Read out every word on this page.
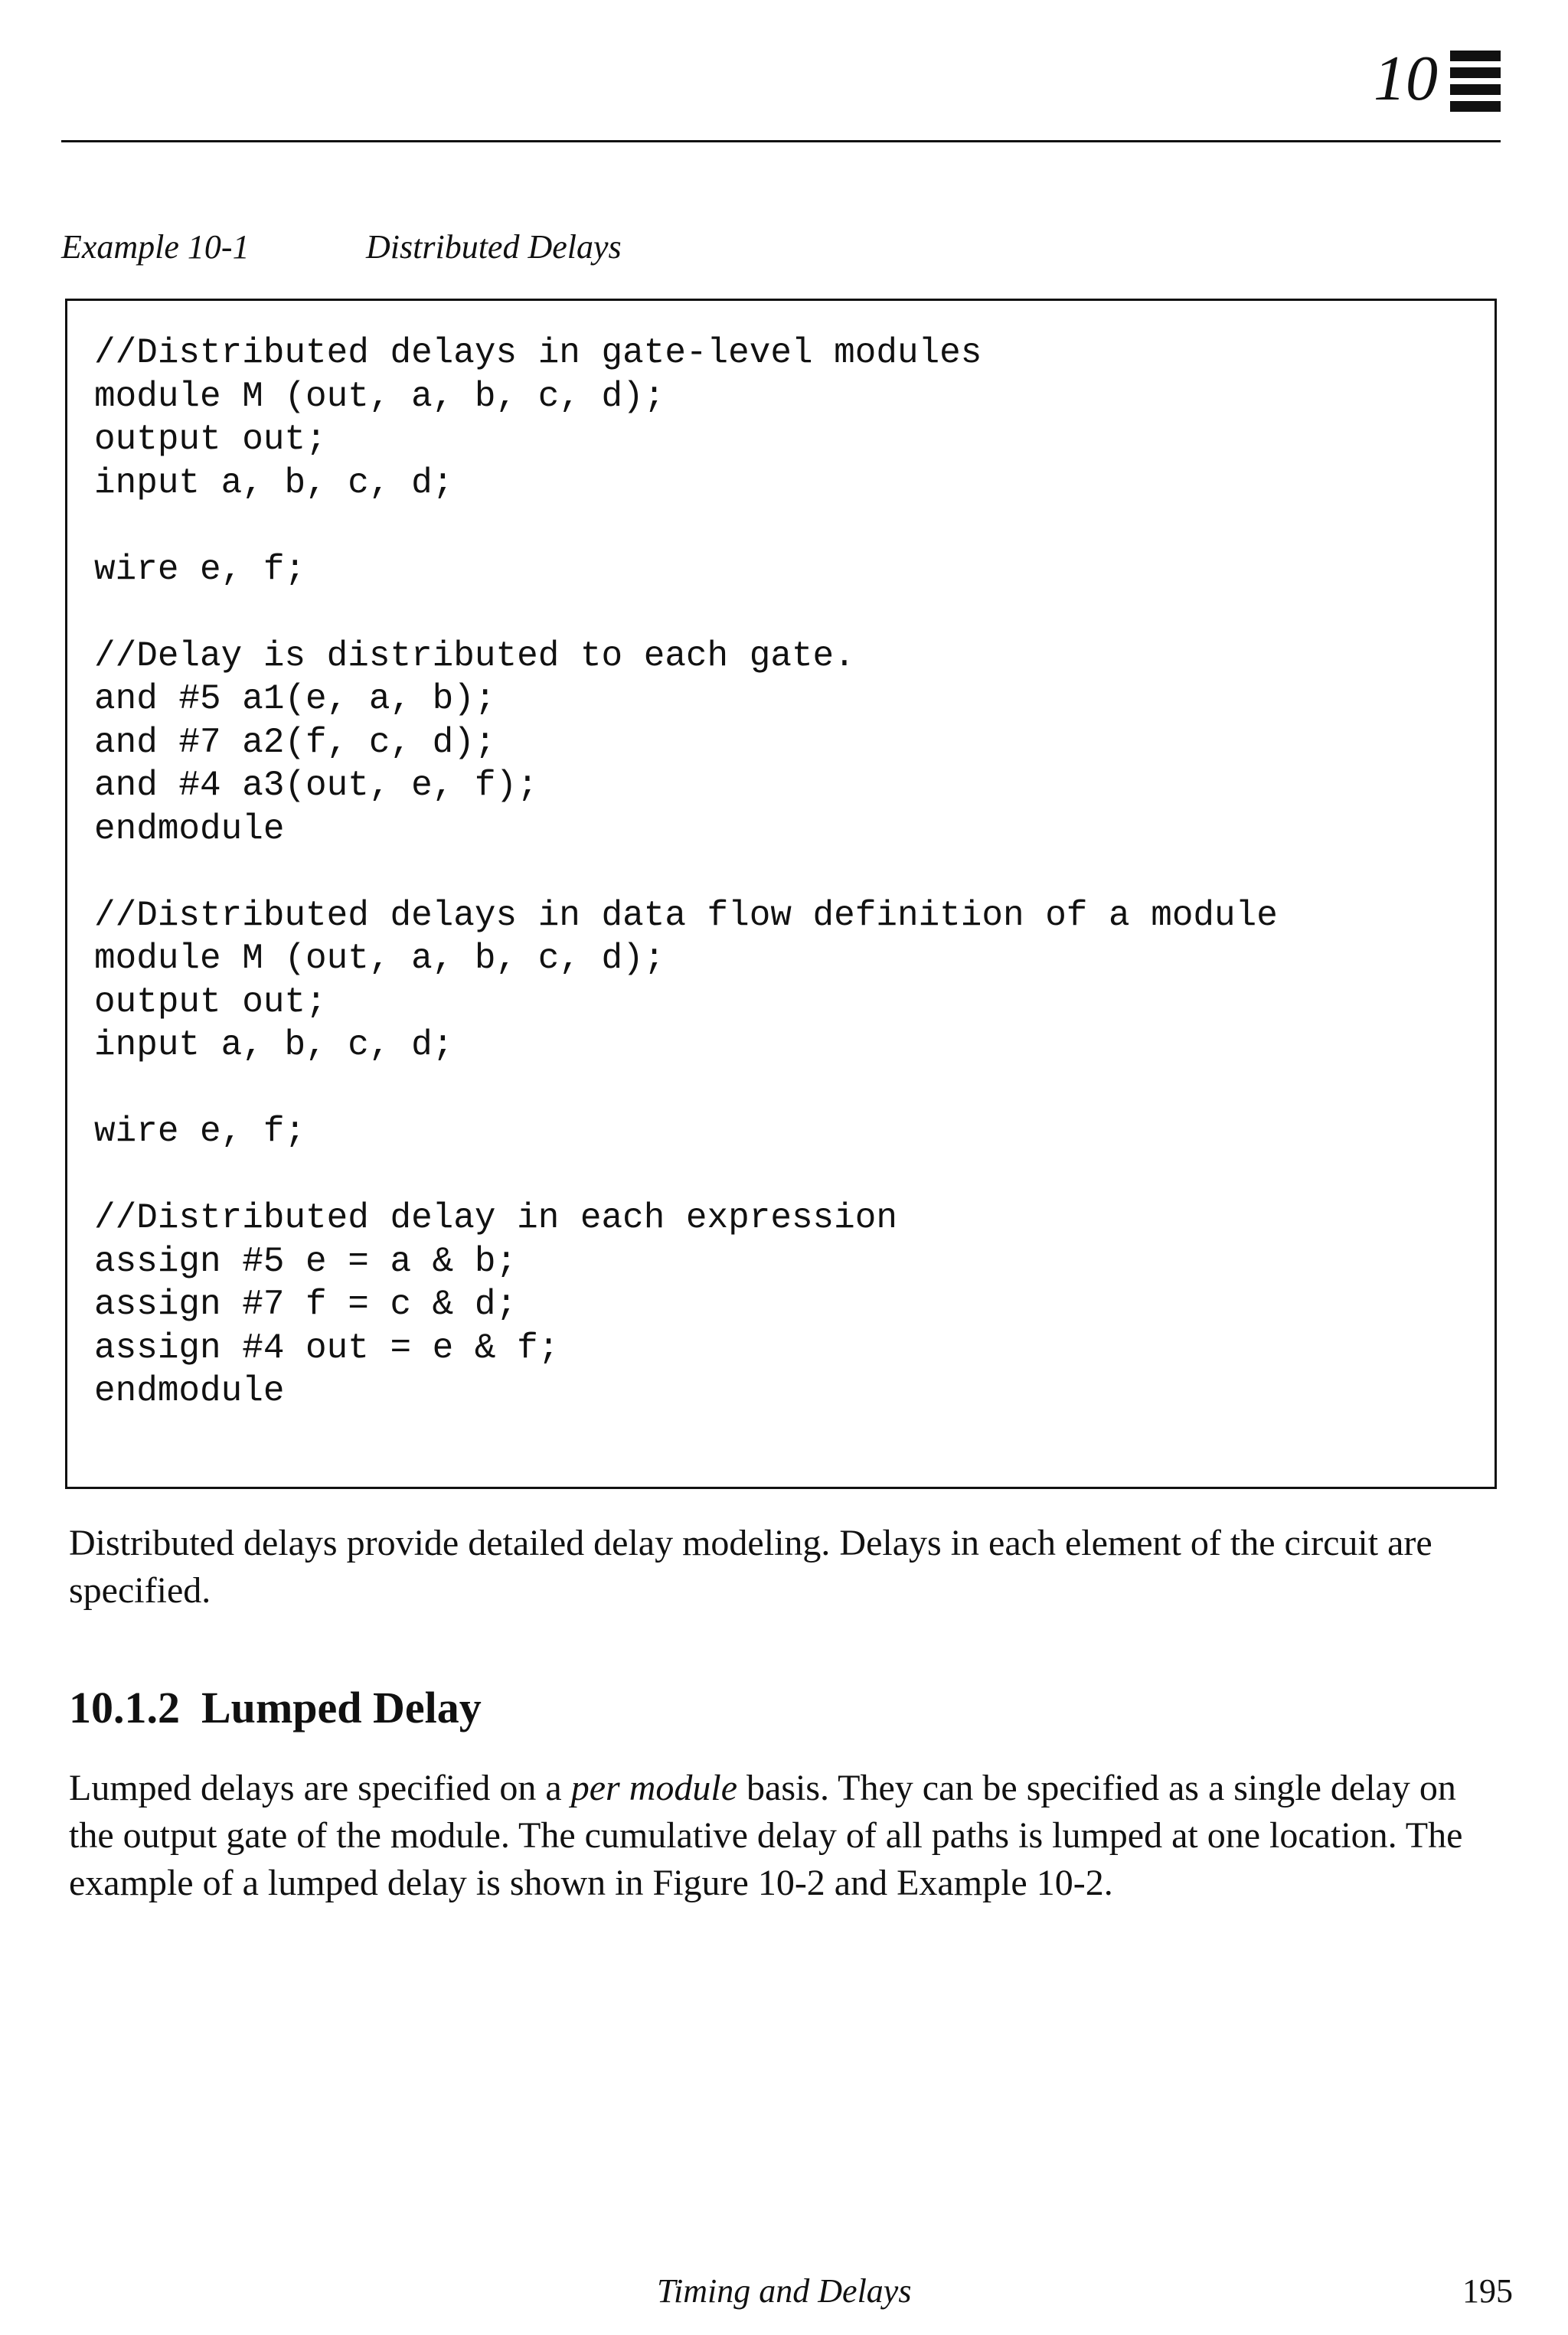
10
Example 10-1	Distributed Delays
//Distributed delays in gate-level modules
module M (out, a, b, c, d);
output out;
input a, b, c, d;
wire e, f;
//Delay is distributed to each gate.
and #5 a1(e, a, b);
and #7 a2(f, c, d);
and #4 a3(out, e, f);
endmodule
//Distributed delays in data flow definition of a module
module M (out, a, b, c, d);
output out;
input a, b, c, d;
wire e, f;
//Distributed delay in each expression
assign #5 e = a & b;
assign #7 f = c & d;
assign #4 out = e & f;
endmodule

Distributed delays provide detailed delay modeling. Delays in each element of the circuit are specified.

10.1.2 Lumped Delay

Lumped delays are specified on a per module basis. They can be specified as a single delay on the output gate of the module. The cumulative delay of all paths is lumped at one location. The example of a lumped delay is shown in Figure 10-2 and Example 10-2.

Timing and Delays	195
